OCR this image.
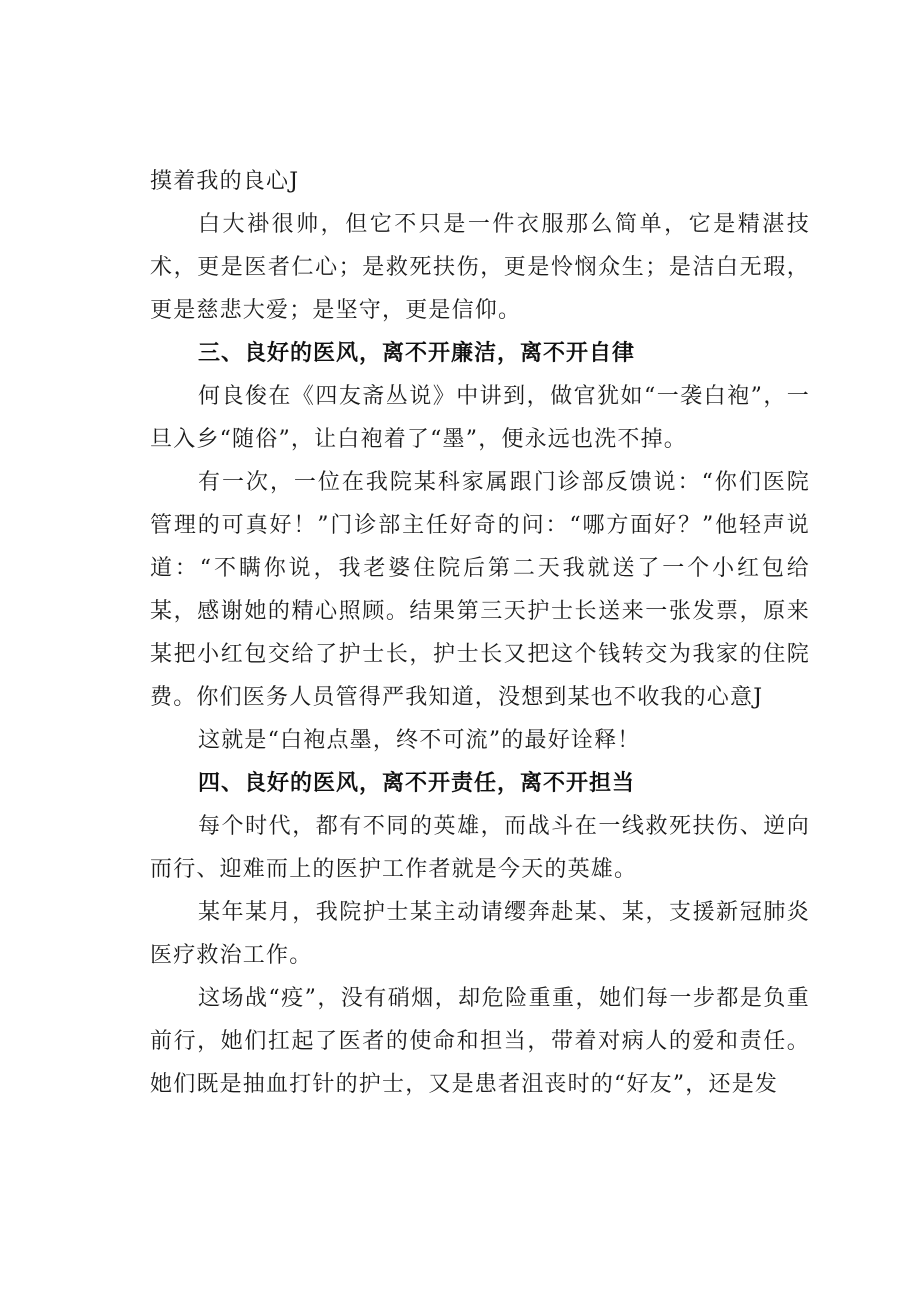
摸着我的良心J

白大褂很帅，但它不只是一件衣服那么简单，它是精湛技术，更是医者仁心；是救死扶伤，更是怜悯众生；是洁白无瑕，更是慈悲大爱；是坚守，更是信仰。

三、良好的医风，离不开廉洁，离不开自律

何良俊在《四友斋丛说》中讲到，做官犹如“一袭白袍”，一旦入乡“随俗”，让白袍着了“墨”，便永远也洗不掉。

有一次，一位在我院某科家属跟门诊部反馈说：“你们医院管理的可真好！”门诊部主任好奇的问：“哪方面好？”他轻声说道：“不瞒你说，我老婆住院后第二天我就送了一个小红包给某，感谢她的精心照顾。结果第三天护士长送来一张发票，原来某把小红包交给了护士长，护士长又把这个钱转交为我家的住院费。你们医务人员管得严我知道，没想到某也不收我的心意J

这就是“白袍点墨，终不可流”的最好诠释！

四、良好的医风，离不开责任，离不开担当

每个时代，都有不同的英雄，而战斗在一线救死扶伤、逆向而行、迎难而上的医护工作者就是今天的英雄。

某年某月，我院护士某主动请缨奔赴某、某，支援新冠肺炎医疗救治工作。

这场战“疫”，没有硝烟，却危险重重，她们每一步都是负重前行，她们扛起了医者的使命和担当，带着对病人的爱和责任。她们既是抽血打针的护士，又是患者沮丧时的“好友”，还是发
